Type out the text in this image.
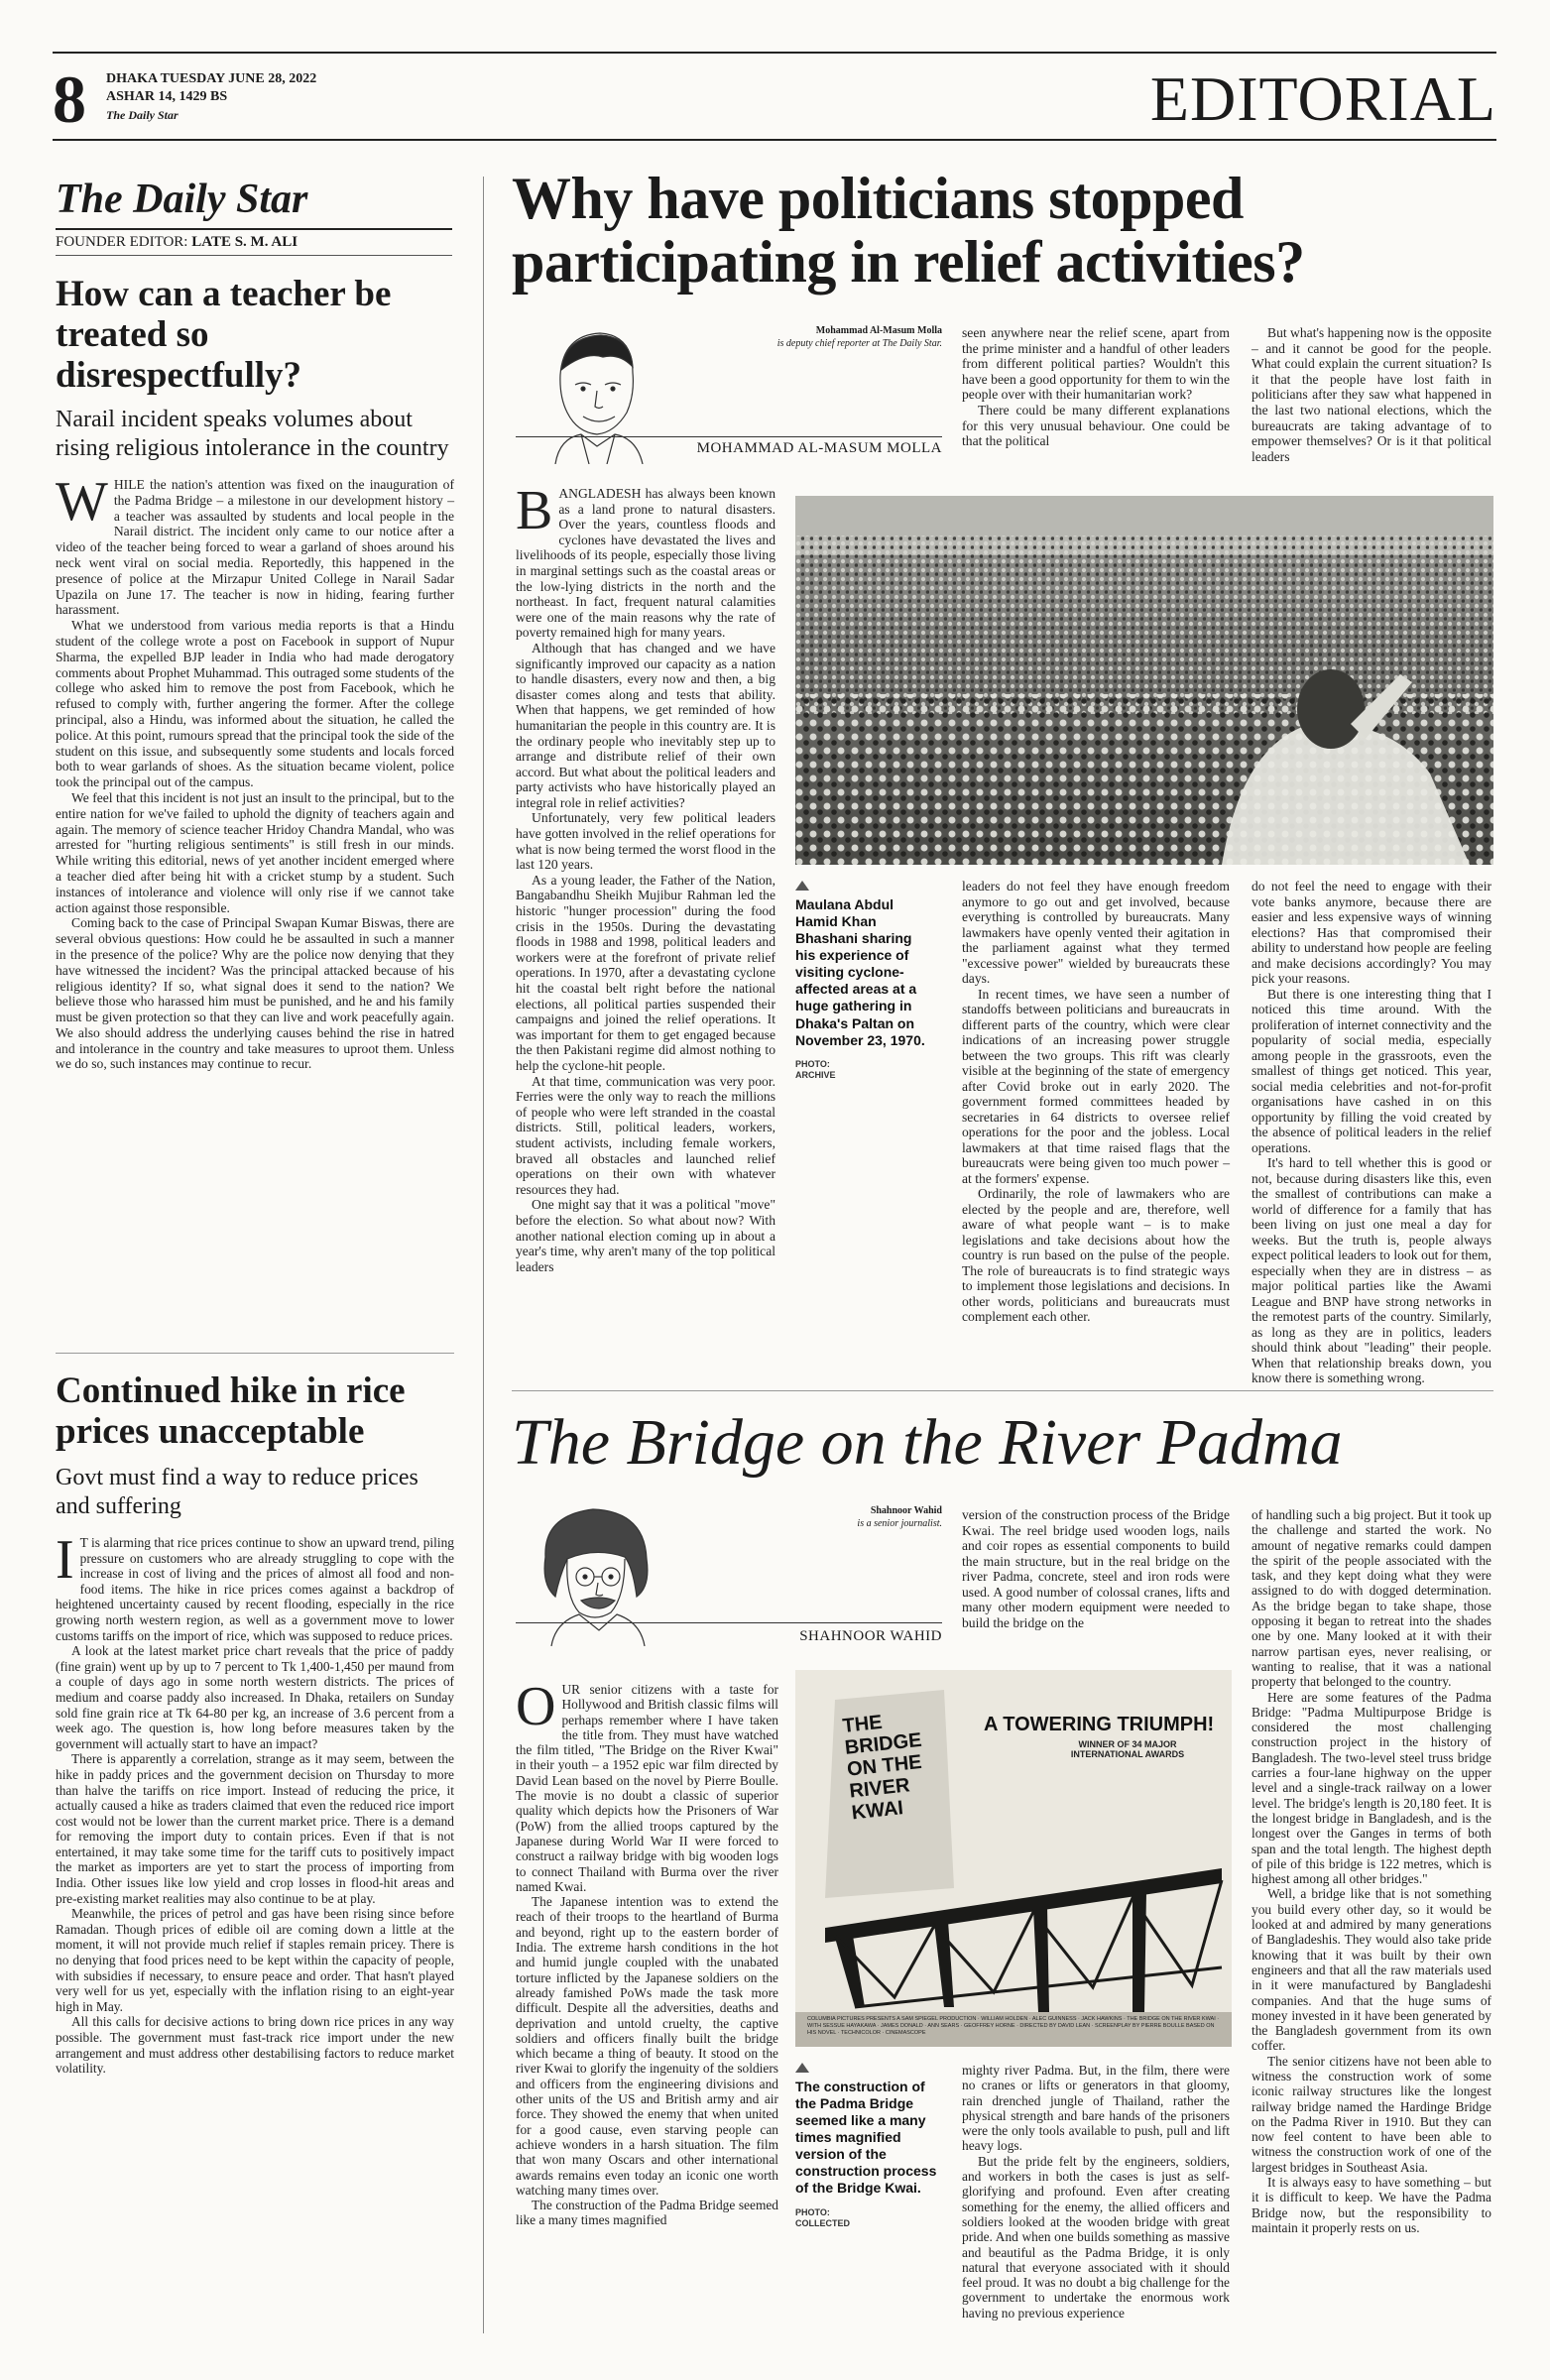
8 DHAKA TUESDAY JUNE 28, 2022
ASHAR 14, 1429 BS
The Daily Star	EDITORIAL
The Daily Star
FOUNDER EDITOR: LATE S. M. ALI
How can a teacher be treated so disrespectfully?
Narail incident speaks volumes about rising religious intolerance in the country
W HILE the nation's attention was fixed on the inauguration of the Padma Bridge – a milestone in our development history – a teacher was assaulted by students and local people in the Narail district. The incident only came to our notice after a video of the teacher being forced to wear a garland of shoes around his neck went viral on social media. Reportedly, this happened in the presence of police at the Mirzapur United College in Narail Sadar Upazila on June 17. The teacher is now in hiding, fearing further harassment.

What we understood from various media reports is that a Hindu student of the college wrote a post on Facebook in support of Nupur Sharma, the expelled BJP leader in India who had made derogatory comments about Prophet Muhammad. This outraged some students of the college who asked him to remove the post from Facebook, which he refused to comply with, further angering the former. After the college principal, also a Hindu, was informed about the situation, he called the police. At this point, rumours spread that the principal took the side of the student on this issue, and subsequently some students and locals forced both to wear garlands of shoes. As the situation became violent, police took the principal out of the campus.

We feel that this incident is not just an insult to the principal, but to the entire nation for we've failed to uphold the dignity of teachers again and again. The memory of science teacher Hridoy Chandra Mandal, who was arrested for "hurting religious sentiments" is still fresh in our minds. While writing this editorial, news of yet another incident emerged where a teacher died after being hit with a cricket stump by a student. Such instances of intolerance and violence will only rise if we cannot take action against those responsible.

Coming back to the case of Principal Swapan Kumar Biswas, there are several obvious questions: How could he be assaulted in such a manner in the presence of the police? Why are the police now denying that they have witnessed the incident? Was the principal attacked because of his religious identity? If so, what signal does it send to the nation? We believe those who harassed him must be punished, and he and his family must be given protection so that they can live and work peacefully again. We also should address the underlying causes behind the rise in hatred and intolerance in the country and take measures to uproot them. Unless we do so, such instances may continue to recur.

Continued hike in rice prices unacceptable
Govt must find a way to reduce prices and suffering
I T is alarming that rice prices continue to show an upward trend, piling pressure on customers who are already struggling to cope with the increase in cost of living and the prices of almost all food and non-food items. The hike in rice prices comes against a backdrop of heightened uncertainty caused by recent flooding, especially in the rice growing north western region, as well as a government move to lower customs tariffs on the import of rice, which was supposed to reduce prices.

A look at the latest market price chart reveals that the price of paddy (fine grain) went up by up to 7 percent to Tk 1,400-1,450 per maund from a couple of days ago in some north western districts. The prices of medium and coarse paddy also increased. In Dhaka, retailers on Sunday sold fine grain rice at Tk 64-80 per kg, an increase of 3.6 percent from a week ago. The question is, how long before measures taken by the government will actually start to have an impact?

There is apparently a correlation, strange as it may seem, between the hike in paddy prices and the government decision on Thursday to more than halve the tariffs on rice import. Instead of reducing the price, it actually caused a hike as traders claimed that even the reduced rice import cost would not be lower than the current market price. There is a demand for removing the import duty to contain prices. Even if that is not entertained, it may take some time for the tariff cuts to positively impact the market as importers are yet to start the process of importing from India. Other issues like low yield and crop losses in flood-hit areas and pre-existing market realities may also continue to be at play.

Meanwhile, the prices of petrol and gas have been rising since before Ramadan. Though prices of edible oil are coming down a little at the moment, it will not provide much relief if staples remain pricey. There is no denying that food prices need to be kept within the capacity of people, with subsidies if necessary, to ensure peace and order. That hasn't played very well for us yet, especially with the inflation rising to an eight-year high in May.

All this calls for decisive actions to bring down rice prices in any way possible. The government must fast-track rice import under the new arrangement and must address other destabilising factors to reduce market volatility.

Why have politicians stopped participating in relief activities?
Mohammad Al-Masum Molla
is deputy chief reporter at The Daily Star.
MOHAMMAD AL-MASUM MOLLA

seen anywhere near the relief scene, apart from the prime minister and a handful of other leaders from different political parties? Wouldn't this have been a good opportunity for them to win the people over with their humanitarian work?

There could be many different explanations for this very unusual behaviour. One could be that the political

But what's happening now is the opposite – and it cannot be good for the people. What could explain the current situation? Is it that the people have lost faith in politicians after they saw what happened in the last two national elections, which the bureaucrats are taking advantage of to empower themselves? Or is it that political leaders

B ANGLADESH has always been known as a land prone to natural disasters. Over the years, countless floods and cyclones have devastated the lives and livelihoods of its people, especially those living in marginal settings such as the coastal areas or the low-lying districts in the north and the northeast. In fact, frequent natural calamities were one of the main reasons why the rate of poverty remained high for many years.

Although that has changed and we have significantly improved our capacity as a nation to handle disasters, every now and then, a big disaster comes along and tests that ability. When that happens, we get reminded of how humanitarian the people in this country are. It is the ordinary people who inevitably step up to arrange and distribute relief of their own accord. But what about the political leaders and party activists who have historically played an integral role in relief activities?

Unfortunately, very few political leaders have gotten involved in the relief operations for what is now being termed the worst flood in the last 120 years.

As a young leader, the Father of the Nation, Bangabandhu Sheikh Mujibur Rahman led the historic "hunger procession" during the food crisis in the 1950s. During the devastating floods in 1988 and 1998, political leaders and workers were at the forefront of private relief operations. In 1970, after a devastating cyclone hit the coastal belt right before the national elections, all political parties suspended their campaigns and joined the relief operations. It was important for them to get engaged because the then Pakistani regime did almost nothing to help the cyclone-hit people.

At that time, communication was very poor. Ferries were the only way to reach the millions of people who were left stranded in the coastal districts. Still, political leaders, workers, student activists, including female workers, braved all obstacles and launched relief operations on their own with whatever resources they had.

One might say that it was a political "move" before the election. So what about now? With another national election coming up in about a year's time, why aren't many of the top political leaders

Maulana Abdul Hamid Khan Bhashani sharing his experience of visiting cyclone-affected areas at a huge gathering in Dhaka's Paltan on November 23, 1970.
PHOTO:
ARCHIVE

leaders do not feel they have enough freedom anymore to go out and get involved, because everything is controlled by bureaucrats. Many lawmakers have openly vented their agitation in the parliament against what they termed "excessive power" wielded by bureaucrats these days.

In recent times, we have seen a number of standoffs between politicians and bureaucrats in different parts of the country, which were clear indications of an increasing power struggle between the two groups. This rift was clearly visible at the beginning of the state of emergency after Covid broke out in early 2020. The government formed committees headed by secretaries in 64 districts to oversee relief operations for the poor and the jobless. Local lawmakers at that time raised flags that the bureaucrats were being given too much power – at the formers' expense.

Ordinarily, the role of lawmakers who are elected by the people and are, therefore, well aware of what people want – is to make legislations and take decisions about how the country is run based on the pulse of the people. The role of bureaucrats is to find strategic ways to implement those legislations and decisions. In other words, politicians and bureaucrats must complement each other.

do not feel the need to engage with their vote banks anymore, because there are easier and less expensive ways of winning elections? Has that compromised their ability to understand how people are feeling and make decisions accordingly? You may pick your reasons.

But there is one interesting thing that I noticed this time around. With the proliferation of internet connectivity and the popularity of social media, especially among people in the grassroots, even the smallest of things get noticed. This year, social media celebrities and not-for-profit organisations have cashed in on this opportunity by filling the void created by the absence of political leaders in the relief operations.

It's hard to tell whether this is good or not, because during disasters like this, even the smallest of contributions can make a world of difference for a family that has been living on just one meal a day for weeks. But the truth is, people always expect political leaders to look out for them, especially when they are in distress – as major political parties like the Awami League and BNP have strong networks in the remotest parts of the country. Similarly, as long as they are in politics, leaders should think about "leading" their people. When that relationship breaks down, you know there is something wrong.

The Bridge on the River Padma
Shahnoor Wahid
is a senior journalist.
SHAHNOOR WAHID
O UR senior citizens with a taste for Hollywood and British classic films will perhaps remember where I have taken the title from. They must have watched the film titled, "The Bridge on the River Kwai" in their youth – a 1952 epic war film directed by David Lean based on the novel by Pierre Boulle. The movie is no doubt a classic of superior quality which depicts how the Prisoners of War (PoW) from the allied troops captured by the Japanese during World War II were forced to construct a railway bridge with big wooden logs to connect Thailand with Burma over the river named Kwai.

The Japanese intention was to extend the reach of their troops to the heartland of Burma and beyond, right up to the eastern border of India. The extreme harsh conditions in the hot and humid jungle coupled with the unabated torture inflicted by the Japanese soldiers on the already famished PoWs made the task more difficult. Despite all the adversities, deaths and deprivation and untold cruelty, the captive soldiers and officers finally built the bridge which became a thing of beauty. It stood on the river Kwai to glorify the ingenuity of the soldiers and officers from the engineering divisions and other units of the US and British army and air force. They showed the enemy that when united for a good cause, even starving people can achieve wonders in a harsh situation. The film that won many Oscars and other international awards remains even today an iconic one worth watching many times over.

The construction of the Padma Bridge seemed like a many times magnified

version of the construction process of the Bridge Kwai. The reel bridge used wooden logs, nails and coir ropes as essential components to build the main structure, but in the real bridge on the river Padma, concrete, steel and iron rods were used. A good number of colossal cranes, lifts and many other modern equipment were needed to build the bridge on the

THE BRIDGE ON THE RIVER KWAI
A TOWERING TRIUMPH!
WINNER OF 34 MAJOR INTERNATIONAL AWARDS
COLUMBIA PICTURES PRESENTS A SAM SPIEGEL PRODUCTION · WILLIAM HOLDEN · ALEC GUINNESS · JACK HAWKINS · THE BRIDGE ON THE RIVER KWAI · WITH SESSUE HAYAKAWA · JAMES DONALD · ANN SEARS · GEOFFREY HORNE · DIRECTED BY DAVID LEAN · SCREENPLAY BY PIERRE BOULLE BASED ON HIS NOVEL · TECHNICOLOR · CINEMASCOPE
The construction of the Padma Bridge seemed like a many times magnified version of the construction process of the Bridge Kwai.
PHOTO:
COLLECTED

mighty river Padma. But, in the film, there were no cranes or lifts or generators in that gloomy, rain drenched jungle of Thailand, rather the physical strength and bare hands of the prisoners were the only tools available to push, pull and lift heavy logs.

But the pride felt by the engineers, soldiers, and workers in both the cases is just as self-glorifying and profound. Even after creating something for the enemy, the allied officers and soldiers looked at the wooden bridge with great pride. And when one builds something as massive and beautiful as the Padma Bridge, it is only natural that everyone associated with it should feel proud. It was no doubt a big challenge for the government to undertake the enormous work having no previous experience

of handling such a big project. But it took up the challenge and started the work. No amount of negative remarks could dampen the spirit of the people associated with the task, and they kept doing what they were assigned to do with dogged determination. As the bridge began to take shape, those opposing it began to retreat into the shades one by one. Many looked at it with their narrow partisan eyes, never realising, or wanting to realise, that it was a national property that belonged to the country.

Here are some features of the Padma Bridge: "Padma Multipurpose Bridge is considered the most challenging construction project in the history of Bangladesh. The two-level steel truss bridge carries a four-lane highway on the upper level and a single-track railway on a lower level. The bridge's length is 20,180 feet. It is the longest bridge in Bangladesh, and is the longest over the Ganges in terms of both span and the total length. The highest depth of pile of this bridge is 122 metres, which is highest among all other bridges."

Well, a bridge like that is not something you build every other day, so it would be looked at and admired by many generations of Bangladeshis. They would also take pride knowing that it was built by their own engineers and that all the raw materials used in it were manufactured by Bangladeshi companies. And that the huge sums of money invested in it have been generated by the Bangladesh government from its own coffer.

The senior citizens have not been able to witness the construction work of some iconic railway structures like the longest railway bridge named the Hardinge Bridge on the Padma River in 1910. But they can now feel content to have been able to witness the construction work of one of the largest bridges in Southeast Asia.

It is always easy to have something – but it is difficult to keep. We have the Padma Bridge now, but the responsibility to maintain it properly rests on us.
